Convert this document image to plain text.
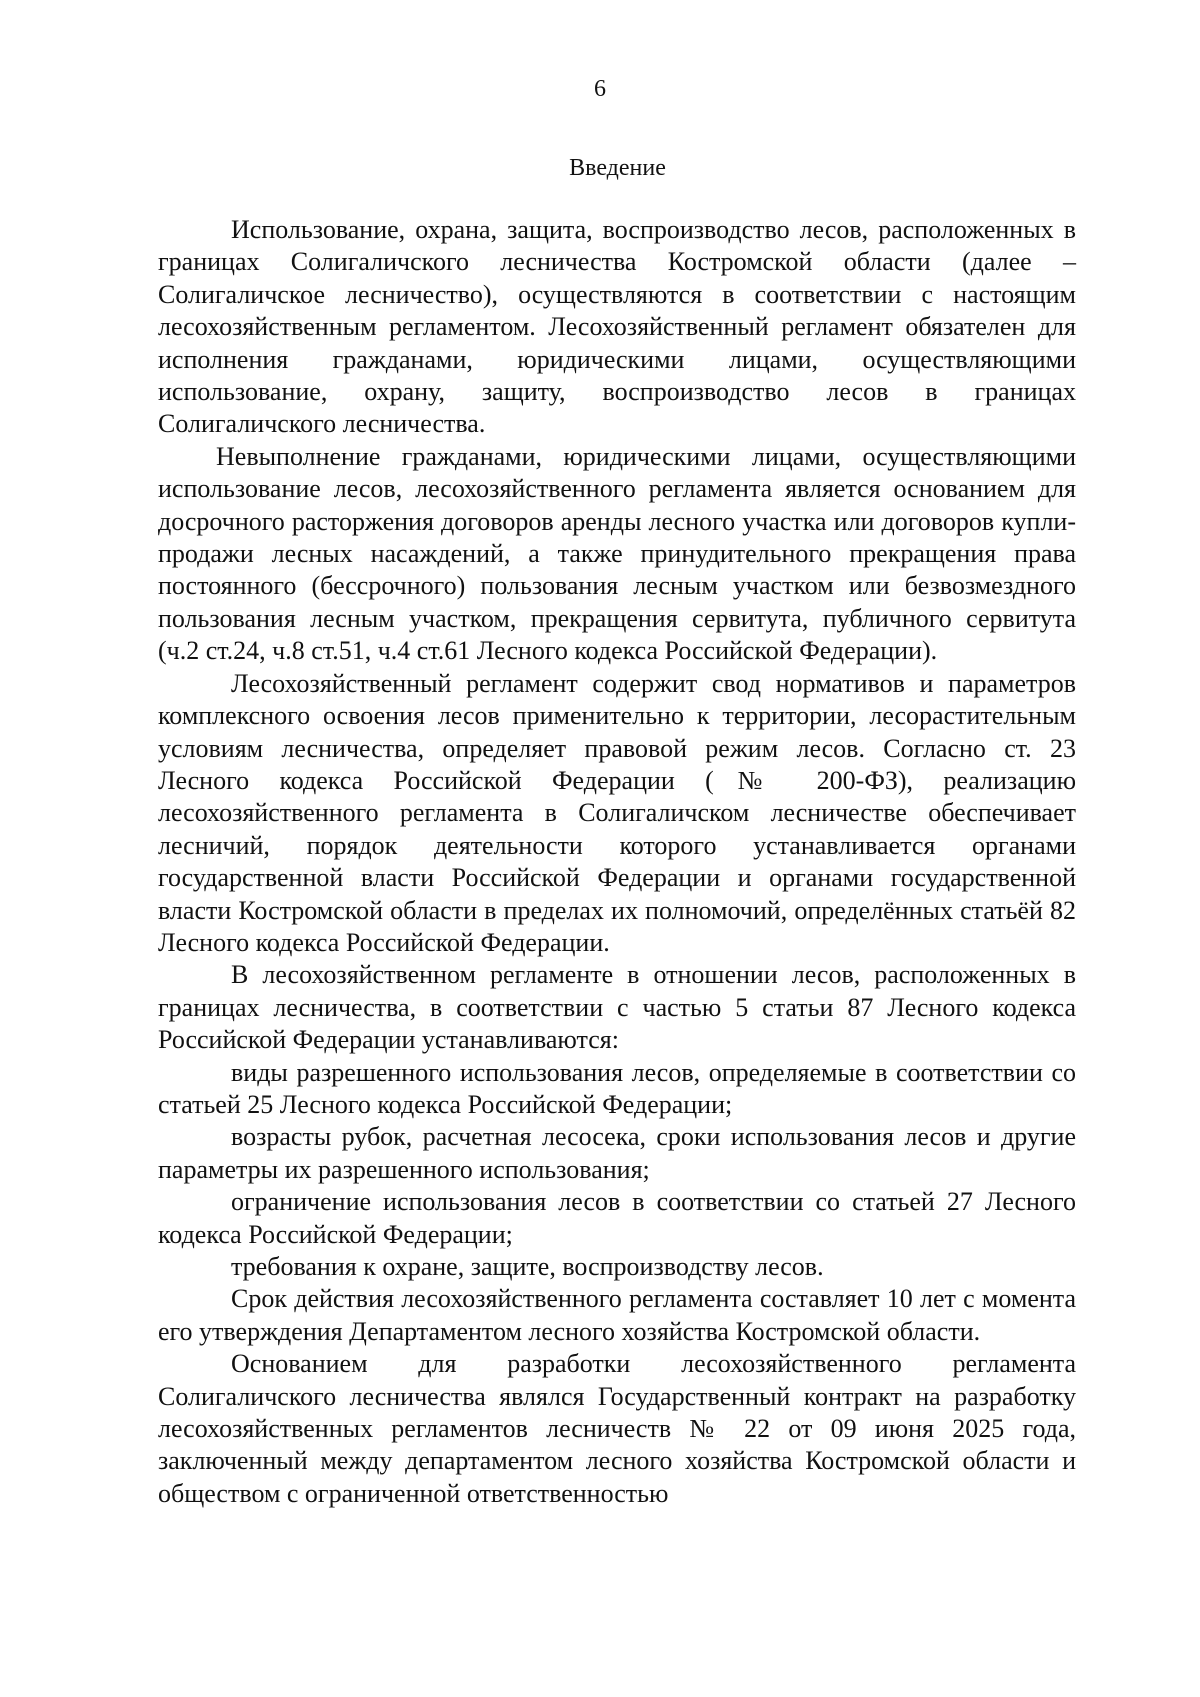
6
Введение

Использование, охрана, защита, воспроизводство лесов, расположенных в границах Солигаличского лесничества Костромской области (далее – Солигаличское лесничество), осуществляются в соответствии с настоящим лесохозяйственным регламентом. Лесохозяйственный регламент обязателен для исполнения гражданами, юридическими лицами, осуществляющими использование, охрану, защиту, воспроизводство лесов в границах Солигаличского лесничества.

Невыполнение гражданами, юридическими лицами, осуществляющими использование лесов, лесохозяйственного регламента является основанием для досрочного расторжения договоров аренды лесного участка или договоров купли-продажи лесных насаждений, а также принудительного прекращения права постоянного (бессрочного) пользования лесным участком или безвозмездного пользования лесным участком, прекращения сервитута, публичного сервитута (ч.2 ст.24, ч.8 ст.51, ч.4 ст.61 Лесного кодекса Российской Федерации).

Лесохозяйственный регламент содержит свод нормативов и параметров комплексного освоения лесов применительно к территории, лесорастительным условиям лесничества, определяет правовой режим лесов. Согласно ст. 23 Лесного кодекса Российской Федерации (№ 200-ФЗ), реализацию лесохозяйственного регламента в Солигаличском лесничестве обеспечивает лесничий, порядок деятельности которого устанавливается органами государственной власти Российской Федерации и органами государственной власти Костромской области в пределах их полномочий, определённых статьёй 82 Лесного кодекса Российской Федерации.

В лесохозяйственном регламенте в отношении лесов, расположенных в границах лесничества, в соответствии с частью 5 статьи 87 Лесного кодекса Российской Федерации устанавливаются:

виды разрешенного использования лесов, определяемые в соответствии со статьей 25 Лесного кодекса Российской Федерации;

возрасты рубок, расчетная лесосека, сроки использования лесов и другие параметры их разрешенного использования;

ограничение использования лесов в соответствии со статьей 27 Лесного кодекса Российской Федерации;

требования к охране, защите, воспроизводству лесов.

Срок действия лесохозяйственного регламента составляет 10 лет с момента его утверждения Департаментом лесного хозяйства Костромской области.

Основанием для разработки лесохозяйственного регламента Солигаличского лесничества являлся Государственный контракт на разработку лесохозяйственных регламентов лесничеств № 22 от 09 июня 2025 года, заключенный между департаментом лесного хозяйства Костромской области и обществом с ограниченной ответственностью
